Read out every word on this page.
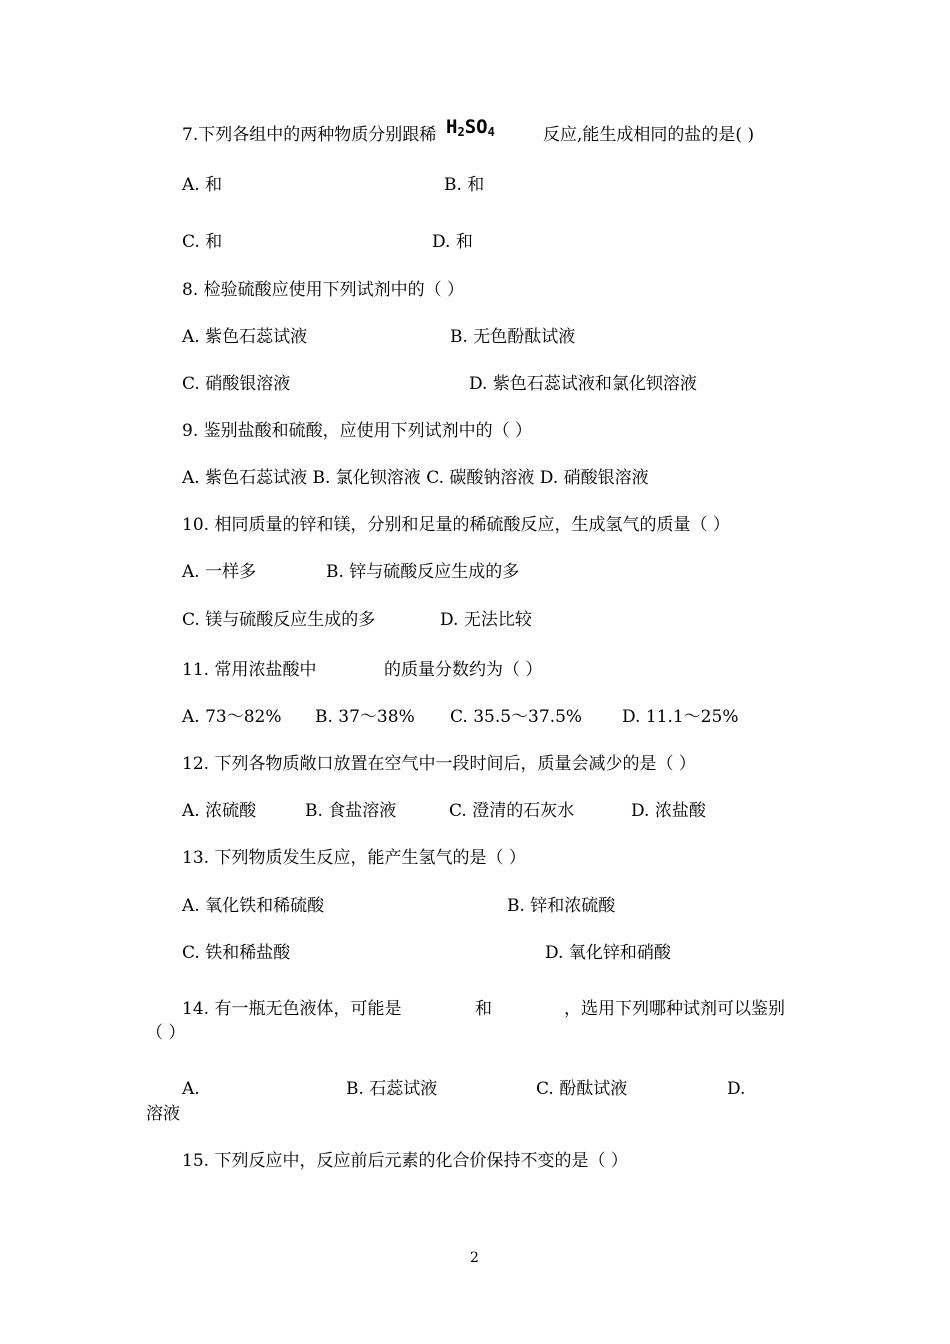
7.下列各组中的两种物质分别跟稀 $H_2SO_4$	反应,能生成相同的盐的是( )
A. 和	B. 和
C. 和	D. 和
8. 检验硫酸应使用下列试剂中的（ ）
A. 紫色石蕊试液	B. 无色酚酞试液
C. 硝酸银溶液	D. 紫色石蕊试液和氯化钡溶液
9. 鉴别盐酸和硫酸，应使用下列试剂中的（ ）
A. 紫色石蕊试液 B. 氯化钡溶液 C. 碳酸钠溶液 D. 硝酸银溶液
10. 相同质量的锌和镁，分别和足量的稀硫酸反应，生成氢气的质量（ ）
A. 一样多	B. 锌与硫酸反应生成的多
C. 镁与硫酸反应生成的多	D. 无法比较
11. 常用浓盐酸中	的质量分数约为（ ）
A. 73～82% B. 37～38% C. 35.5～37.5% D. 11.1～25%
12. 下列各物质敞口放置在空气中一段时间后，质量会减少的是（ ）
A. 浓硫酸	B. 食盐溶液	C. 澄清的石灰水	D. 浓盐酸
13. 下列物质发生反应，能产生氢气的是（ ）
A. 氧化铁和稀硫酸	B. 锌和浓硫酸
C. 铁和稀盐酸	D. 氧化锌和硝酸
14. 有一瓶无色液体，可能是	和	，选用下列哪种试剂可以鉴别
（ ）
A.	B. 石蕊试液	C. 酚酞试液	D.
溶液
15. 下列反应中，反应前后元素的化合价保持不变的是（ ）
2
